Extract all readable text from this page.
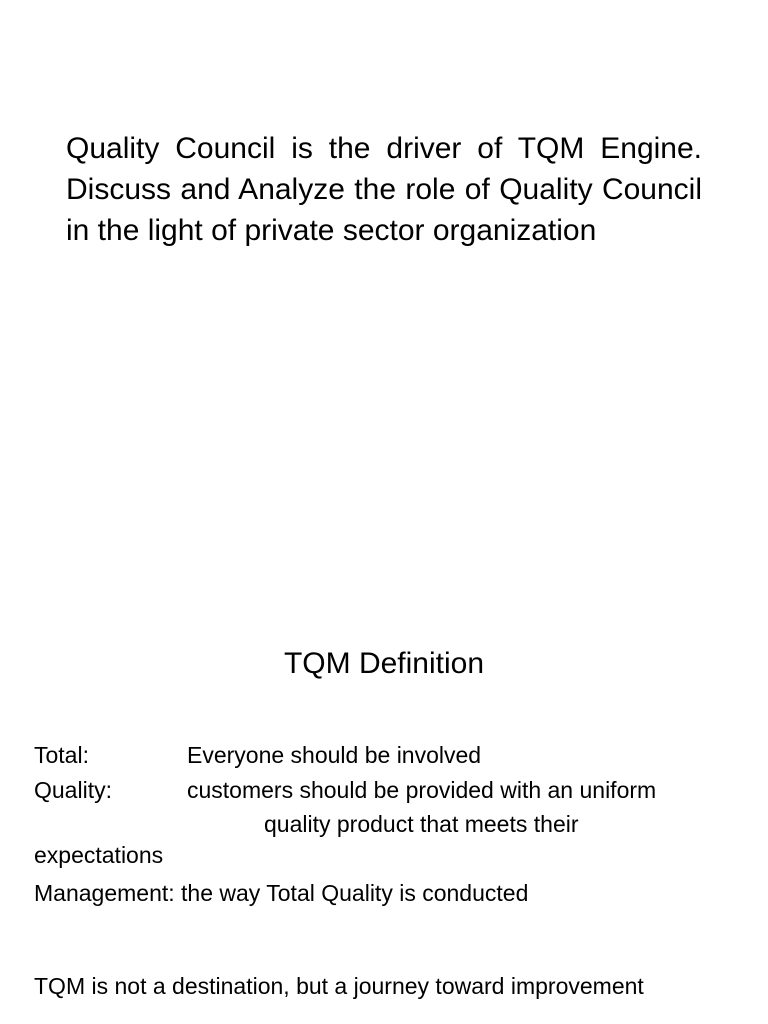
Quality Council is the driver of TQM Engine. Discuss and Analyze the role of Quality Council in the light of private sector organization

TQM Definition
Total:	Everyone should be involved
Quality:	customers should be provided with an uniform
quality product that meets their
expectations
Management: the way Total Quality is conducted
TQM is not a destination, but a journey toward improvement
